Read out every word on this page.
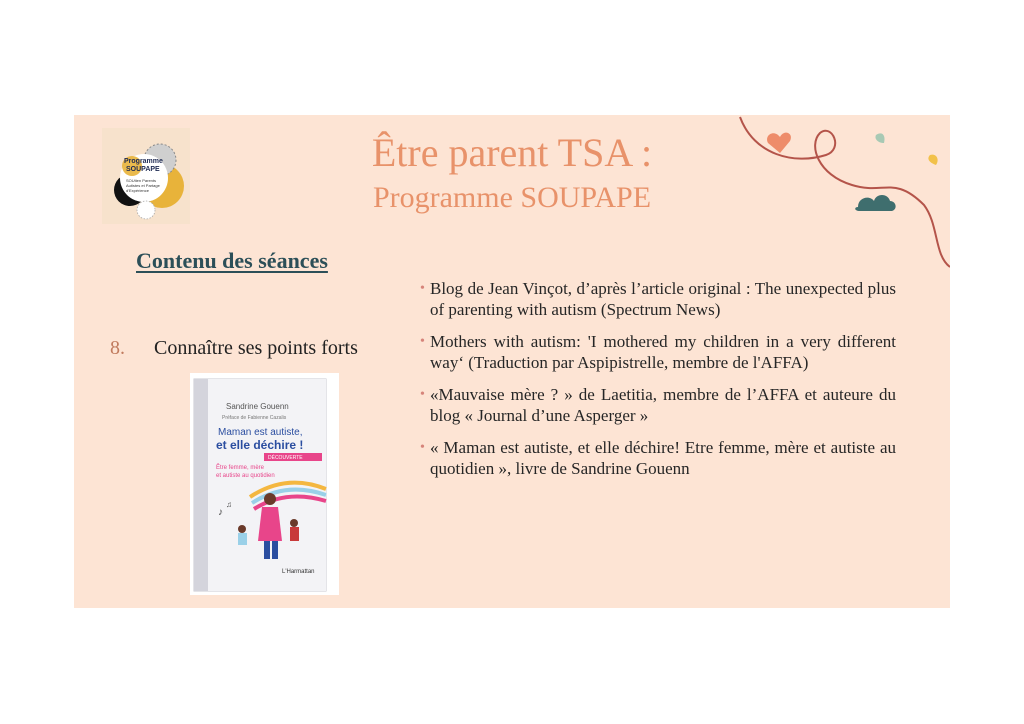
Programme
SOUPAPE
SOUtien Parents Autistes et Partage d'Expérience
Être parent TSA :
Programme SOUPAPE
Contenu des séances
8. Connaître ses points forts
Sandrine Gouenn
Préface de Fabienne Cazalis
Maman est autiste,
et elle déchire !
DÉCOUVERTE
Être femme, mère
et autiste au quotidien
♪
♫
L'Harmattan
• Blog de Jean Vinçot, d’après l’article original : The unexpected plus of parenting with autism (Spectrum News)
• Mothers with autism: 'I mothered my children in a very different way‘ (Traduction par Aspipistrelle, membre de l'AFFA)
• «Mauvaise mère ? » de Laetitia, membre de l’AFFA et auteure du blog « Journal d’une Asperger »
• « Maman est autiste, et elle déchire! Etre femme, mère et autiste au quotidien », livre de Sandrine Gouenn
